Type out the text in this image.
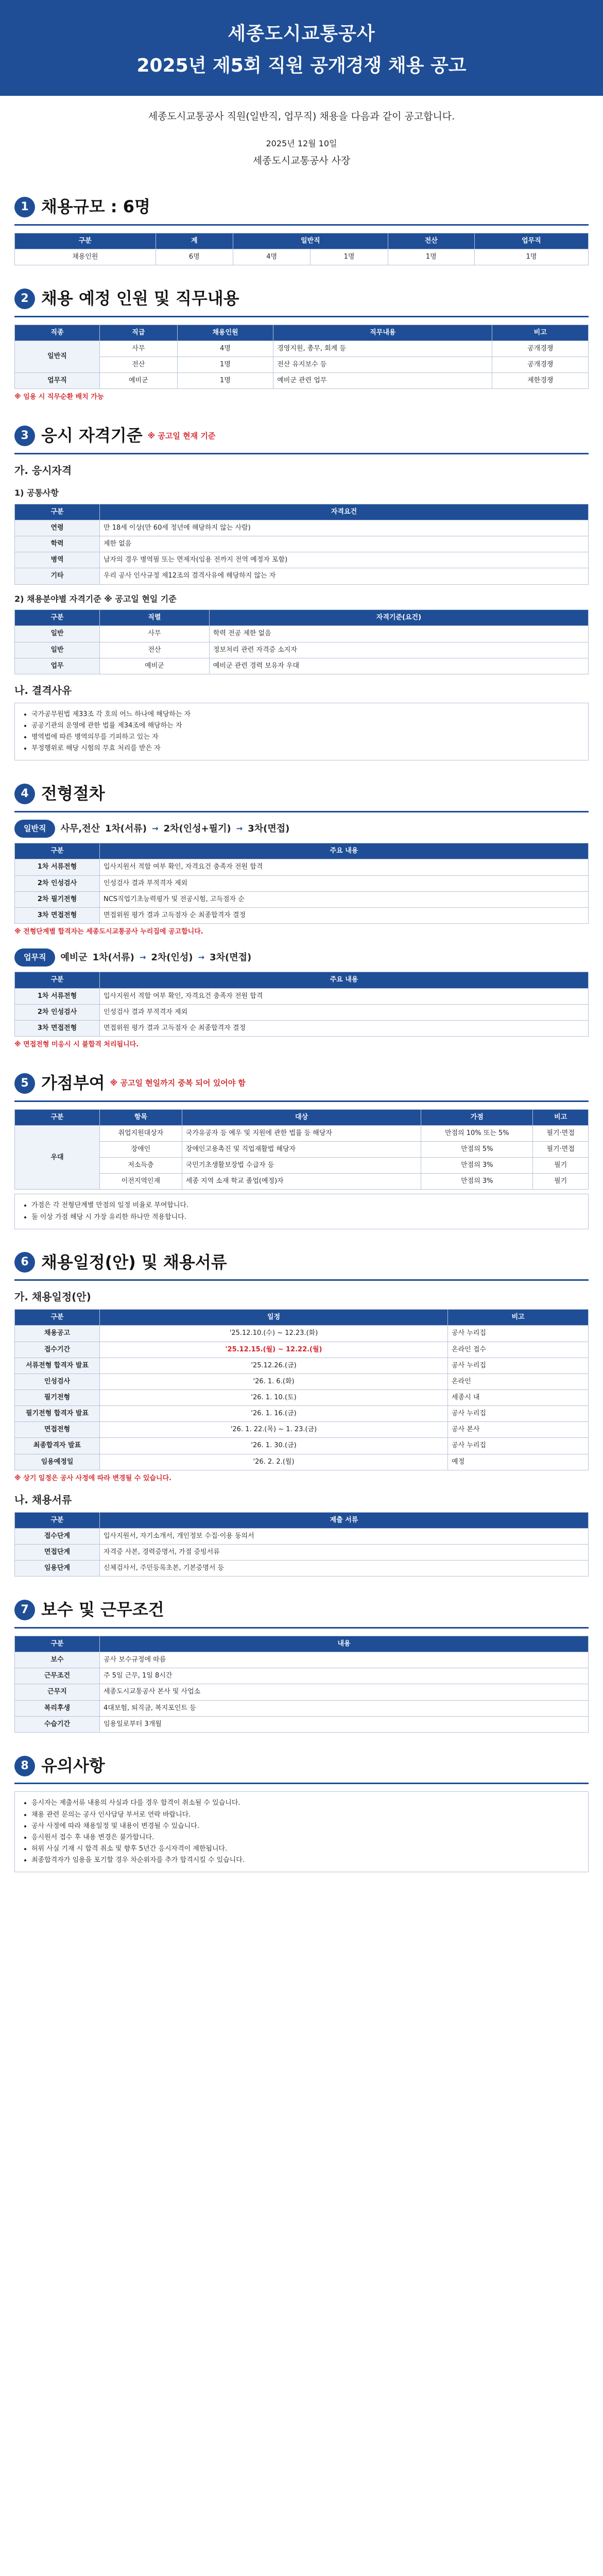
세종도시교통공사
2025년 제5회 직원 공개경쟁 채용 공고
세종도시교통공사 직원(일반직, 업무직) 채용을 다음과 같이 공고합니다.
2025년 12월 10일
세종도시교통공사 사장
1 채용규모 : 6명
구분	계	일반직		전산	업무직
채용인원	6명	4명	1명	1명	1명
2 채용 예정 인원 및 직무내용
직종	직급	채용인원	직무내용	비고
일반직	사무	4명	경영지원, 총무, 회계 등	공개경쟁
	전산	1명	전산 유지보수 등	공개경쟁
업무직	예비군	1명	예비군 관련 업무	제한경쟁
※ 임용 시 직무순환 배치 가능
3 응시 자격기준 ※ 공고일 현재 기준
가. 응시자격
1) 공통사항
구분	자격요건
연령	만 18세 이상(만 60세 정년에 해당하지 않는 사람)
학력	제한 없음
병역	남자의 경우 병역필 또는 면제자(임용 전까지 전역 예정자 포함)
기타	우리 공사 인사규정 제12조의 결격사유에 해당하지 않는 자
2) 채용분야별 자격기준 ※ 공고일 현일 기준
구분	직렬	자격기준(요건)
일반	사무	학력 전공 제한 없음
일반	전산	정보처리 관련 자격증 소지자
업무	예비군	예비군 관련 경력 보유자 우대
나. 결격사유
• 국가공무원법 제33조 각 호의 어느 하나에 해당하는 자
• 공공기관의 운영에 관한 법률 제34조에 해당하는 자
• 병역법에 따른 병역의무를 기피하고 있는 자
• 부정행위로 해당 시험의 무효 처리를 받은 자
4 전형절차
일반직	사무,전산 1차(서류) → 2차(인성+필기) → 3차(면접)
구분	주요 내용
1차 서류전형	입사지원서 적합 여부 확인, 자격요건 충족자 전원 합격
2차 인성검사	인성검사 결과 부적격자 제외
2차 필기전형	NCS직업기초능력평가 및 전공시험, 고득점자 순
3차 면접전형	면접위원 평가 결과 고득점자 순 최종합격자 결정
※ 전형단계별 합격자는 세종도시교통공사 누리집에 공고합니다.
업무직	예비군 1차(서류) → 2차(인성) → 3차(면접)
구분	주요 내용
1차 서류전형	입사지원서 적합 여부 확인, 자격요건 충족자 전원 합격
2차 인성검사	인성검사 결과 부적격자 제외
3차 면접전형	면접위원 평가 결과 고득점자 순 최종합격자 결정
※ 면접전형 미응시 시 불합격 처리됩니다.
5 가점부여 ※ 공고일 현일까지 중복 되어 있어야 함
구분	항목	대상	가점	비고
우대	취업지원대상자	국가유공자 등 예우 및 지원에 관한 법률 등 해당자	만점의 10% 또는 5%	필기·면접
	장애인	장애인고용촉진 및 직업재활법 해당자	만점의 5%	필기·면접
	저소득층	국민기초생활보장법 수급자 등	만점의 3%	필기
	이전지역인재	세종 지역 소재 학교 졸업(예정)자	만점의 3%	필기
• 가점은 각 전형단계별 만점의 일정 비율로 부여합니다.
• 둘 이상 가점 해당 시 가장 유리한 하나만 적용합니다.
6 채용일정(안) 및 채용서류
가. 채용일정(안)
구분	일정	비고
채용공고	'25.12.10.(수) ~ 12.23.(화)	공사 누리집
접수기간	'25.12.15.(월) ~ 12.22.(월)	온라인 접수
서류전형 합격자 발표	'25.12.26.(금)	공사 누리집
인성검사	'26. 1. 6.(화)	온라인
필기전형	'26. 1. 10.(토)	세종시 내
필기전형 합격자 발표	'26. 1. 16.(금)	공사 누리집
면접전형	'26. 1. 22.(목) ~ 1. 23.(금)	공사 본사
최종합격자 발표	'26. 1. 30.(금)	공사 누리집
임용예정일	'26. 2. 2.(월)	예정
※ 상기 일정은 공사 사정에 따라 변경될 수 있습니다.
나. 채용서류
구분	제출 서류
접수단계	입사지원서, 자기소개서, 개인정보 수집·이용 동의서
면접단계	자격증 사본, 경력증명서, 가점 증빙서류
임용단계	신체검사서, 주민등록초본, 기본증명서 등
7 보수 및 근무조건
구분	내용
보수	공사 보수규정에 따름
근무조건	주 5일 근무, 1일 8시간
근무지	세종도시교통공사 본사 및 사업소
복리후생	4대보험, 퇴직금, 복지포인트 등
수습기간	임용일로부터 3개월
8 유의사항
• 응시자는 제출서류 내용의 사실과 다를 경우 합격이 취소될 수 있습니다.
• 채용 관련 문의는 공사 인사담당 부서로 연락 바랍니다.
• 공사 사정에 따라 채용일정 및 내용이 변경될 수 있습니다.
• 응시원서 접수 후 내용 변경은 불가합니다.
• 허위 사실 기재 시 합격 취소 및 향후 5년간 응시자격이 제한됩니다.
• 최종합격자가 임용을 포기할 경우 차순위자를 추가 합격시킬 수 있습니다.
